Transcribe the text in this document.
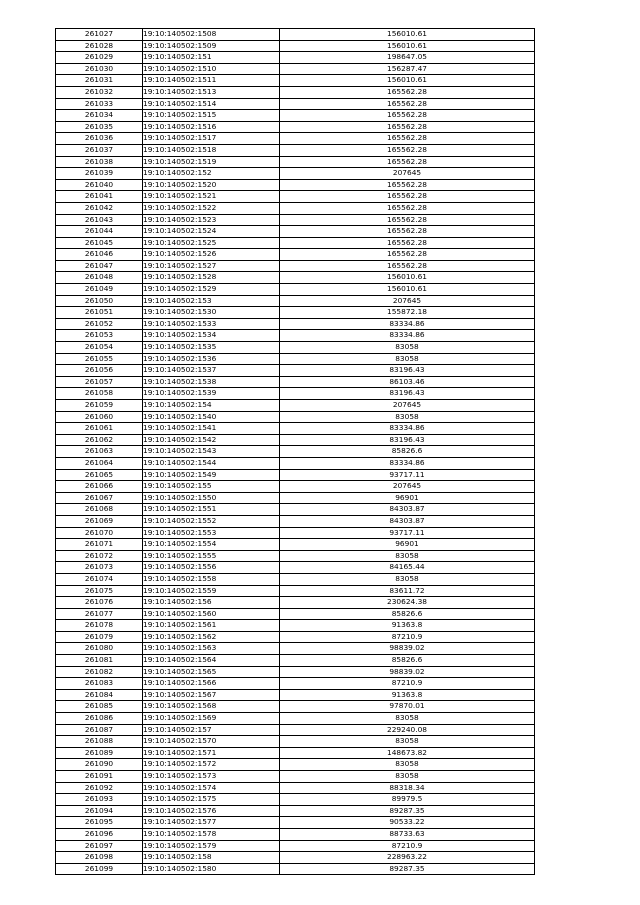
261027	19:10:140502:1508	156010.61
261028	19:10:140502:1509	156010.61
261029	19:10:140502:151	198647.05
261030	19:10:140502:1510	156287.47
261031	19:10:140502:1511	156010.61
261032	19:10:140502:1513	165562.28
261033	19:10:140502:1514	165562.28
261034	19:10:140502:1515	165562.28
261035	19:10:140502:1516	165562.28
261036	19:10:140502:1517	165562.28
261037	19:10:140502:1518	165562.28
261038	19:10:140502:1519	165562.28
261039	19:10:140502:152	207645
261040	19:10:140502:1520	165562.28
261041	19:10:140502:1521	165562.28
261042	19:10:140502:1522	165562.28
261043	19:10:140502:1523	165562.28
261044	19:10:140502:1524	165562.28
261045	19:10:140502:1525	165562.28
261046	19:10:140502:1526	165562.28
261047	19:10:140502:1527	165562.28
261048	19:10:140502:1528	156010.61
261049	19:10:140502:1529	156010.61
261050	19:10:140502:153	207645
261051	19:10:140502:1530	155872.18
261052	19:10:140502:1533	83334.86
261053	19:10:140502:1534	83334.86
261054	19:10:140502:1535	83058
261055	19:10:140502:1536	83058
261056	19:10:140502:1537	83196.43
261057	19:10:140502:1538	86103.46
261058	19:10:140502:1539	83196.43
261059	19:10:140502:154	207645
261060	19:10:140502:1540	83058
261061	19:10:140502:1541	83334.86
261062	19:10:140502:1542	83196.43
261063	19:10:140502:1543	85826.6
261064	19:10:140502:1544	83334.86
261065	19:10:140502:1549	93717.11
261066	19:10:140502:155	207645
261067	19:10:140502:1550	96901
261068	19:10:140502:1551	84303.87
261069	19:10:140502:1552	84303.87
261070	19:10:140502:1553	93717.11
261071	19:10:140502:1554	96901
261072	19:10:140502:1555	83058
261073	19:10:140502:1556	84165.44
261074	19:10:140502:1558	83058
261075	19:10:140502:1559	83611.72
261076	19:10:140502:156	230624.38
261077	19:10:140502:1560	85826.6
261078	19:10:140502:1561	91363.8
261079	19:10:140502:1562	87210.9
261080	19:10:140502:1563	98839.02
261081	19:10:140502:1564	85826.6
261082	19:10:140502:1565	98839.02
261083	19:10:140502:1566	87210.9
261084	19:10:140502:1567	91363.8
261085	19:10:140502:1568	97870.01
261086	19:10:140502:1569	83058
261087	19:10:140502:157	229240.08
261088	19:10:140502:1570	83058
261089	19:10:140502:1571	148673.82
261090	19:10:140502:1572	83058
261091	19:10:140502:1573	83058
261092	19:10:140502:1574	88318.34
261093	19:10:140502:1575	89979.5
261094	19:10:140502:1576	89287.35
261095	19:10:140502:1577	90533.22
261096	19:10:140502:1578	88733.63
261097	19:10:140502:1579	87210.9
261098	19:10:140502:158	228963.22
261099	19:10:140502:1580	89287.35
